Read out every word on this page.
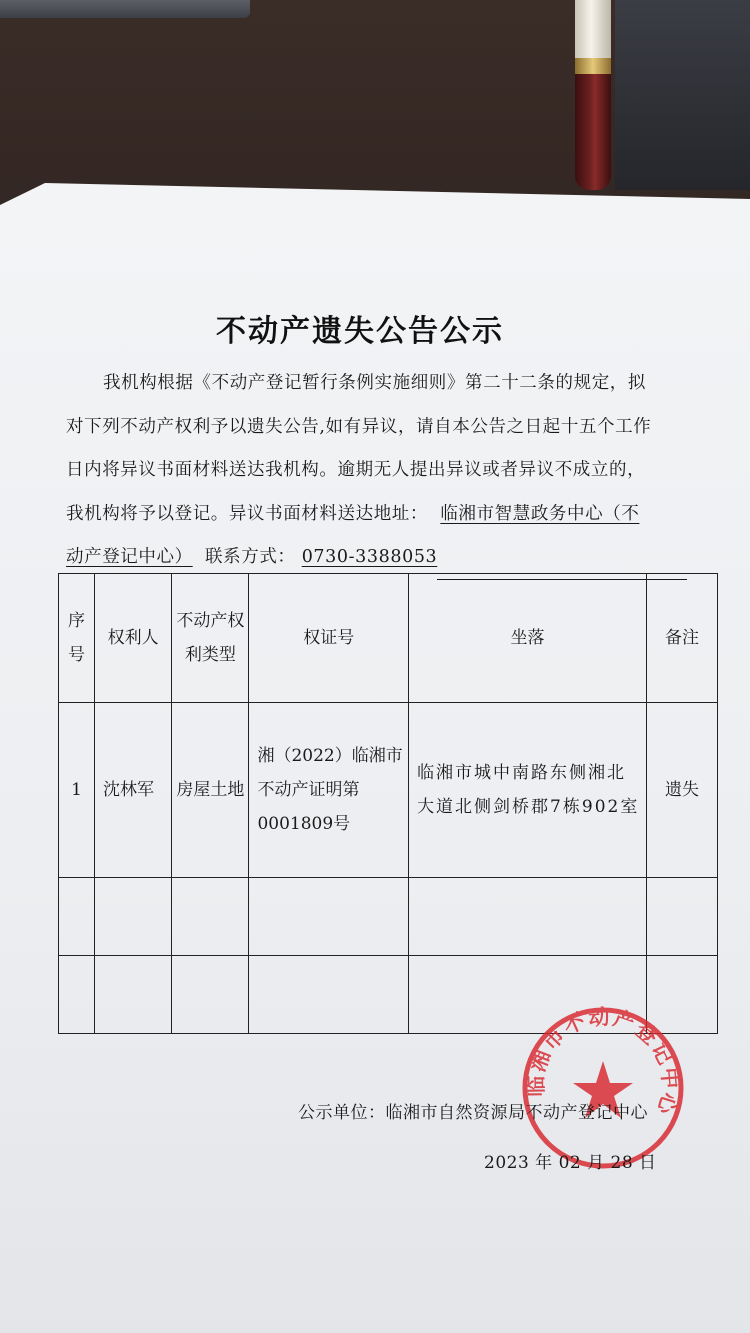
不动产遗失公告公示

我机构根据《不动产登记暂行条例实施细则》第二十二条的规定，拟

对下列不动产权利予以遗失公告,如有异议，请自本公告之日起十五个工作

日内将异议书面材料送达我机构。逾期无人提出异议或者异议不成立的，

我机构将予以登记。异议书面材料送达地址： 临湘市智慧政务中心（不

动产登记中心） 联系方式： 0730-3388053

序号	权利人	不动产权利类型	权证号	坐落	备注
1	沈林军	房屋土地	湘（2022）临湘市不动产证明第0001809号	临湘市城中南路东侧湘北大道北侧剑桥郡7栋902室	遗失

临湘市不动产登记中心
公示单位：临湘市自然资源局不动产登记中心
2023 年 02 月 28 日
